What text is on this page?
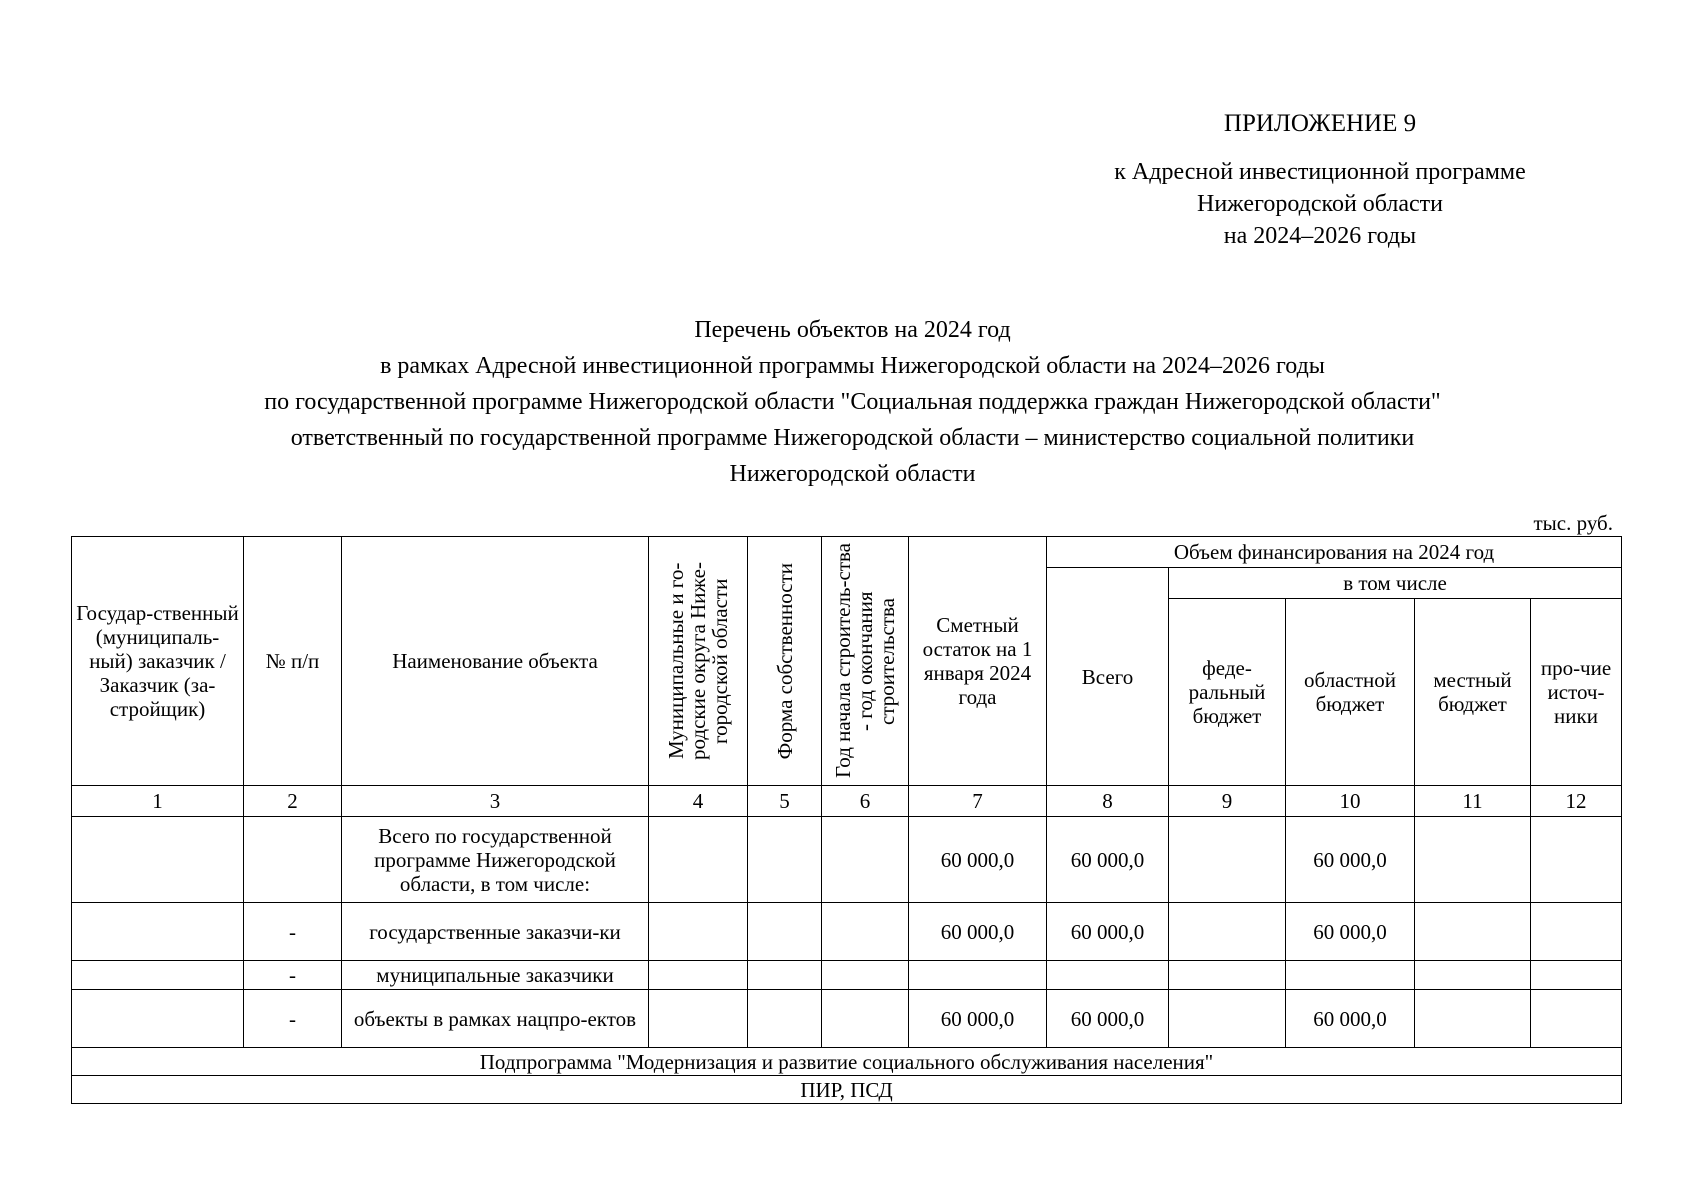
ПРИЛОЖЕНИЕ 9
к Адресной инвестиционной программе
Нижегородской области
на 2024–2026 годы
Перечень объектов на 2024 год
в рамках Адресной инвестиционной программы Нижегородской области на 2024–2026 годы
по государственной программе Нижегородской области "Социальная поддержка граждан Нижегородской области"
ответственный по государственной программе Нижегородской области – министерство социальной политики
Нижегородской области
тыс. руб.
Государ-ственный (муниципаль-ный) заказчик / Заказчик (за-стройщик)	№ п/п	Наименование объекта	Муниципальные и го-родские округа Ниже-городской области	Форма собственности	Год начала строитель-ства - год окончания строительства	Сметный остаток на 1 января 2024 года	Объем финансирования на 2024 год				
							Всего	в том числе			
								феде-ральный бюджет	областной бюджет	местный бюджет	про-чие источ-ники
1	2	3	4	5	6	7	8	9	10	11	12
		Всего по государственной программе Нижегородской области, в том числе:				60 000,0	60 000,0		60 000,0		
	-	государственные заказчи-ки				60 000,0	60 000,0		60 000,0		
	-	муниципальные заказчики									
	-	объекты в рамках нацпро-ектов				60 000,0	60 000,0		60 000,0		
Подпрограмма "Модернизация и развитие социального обслуживания населения"											
ПИР, ПСД											
